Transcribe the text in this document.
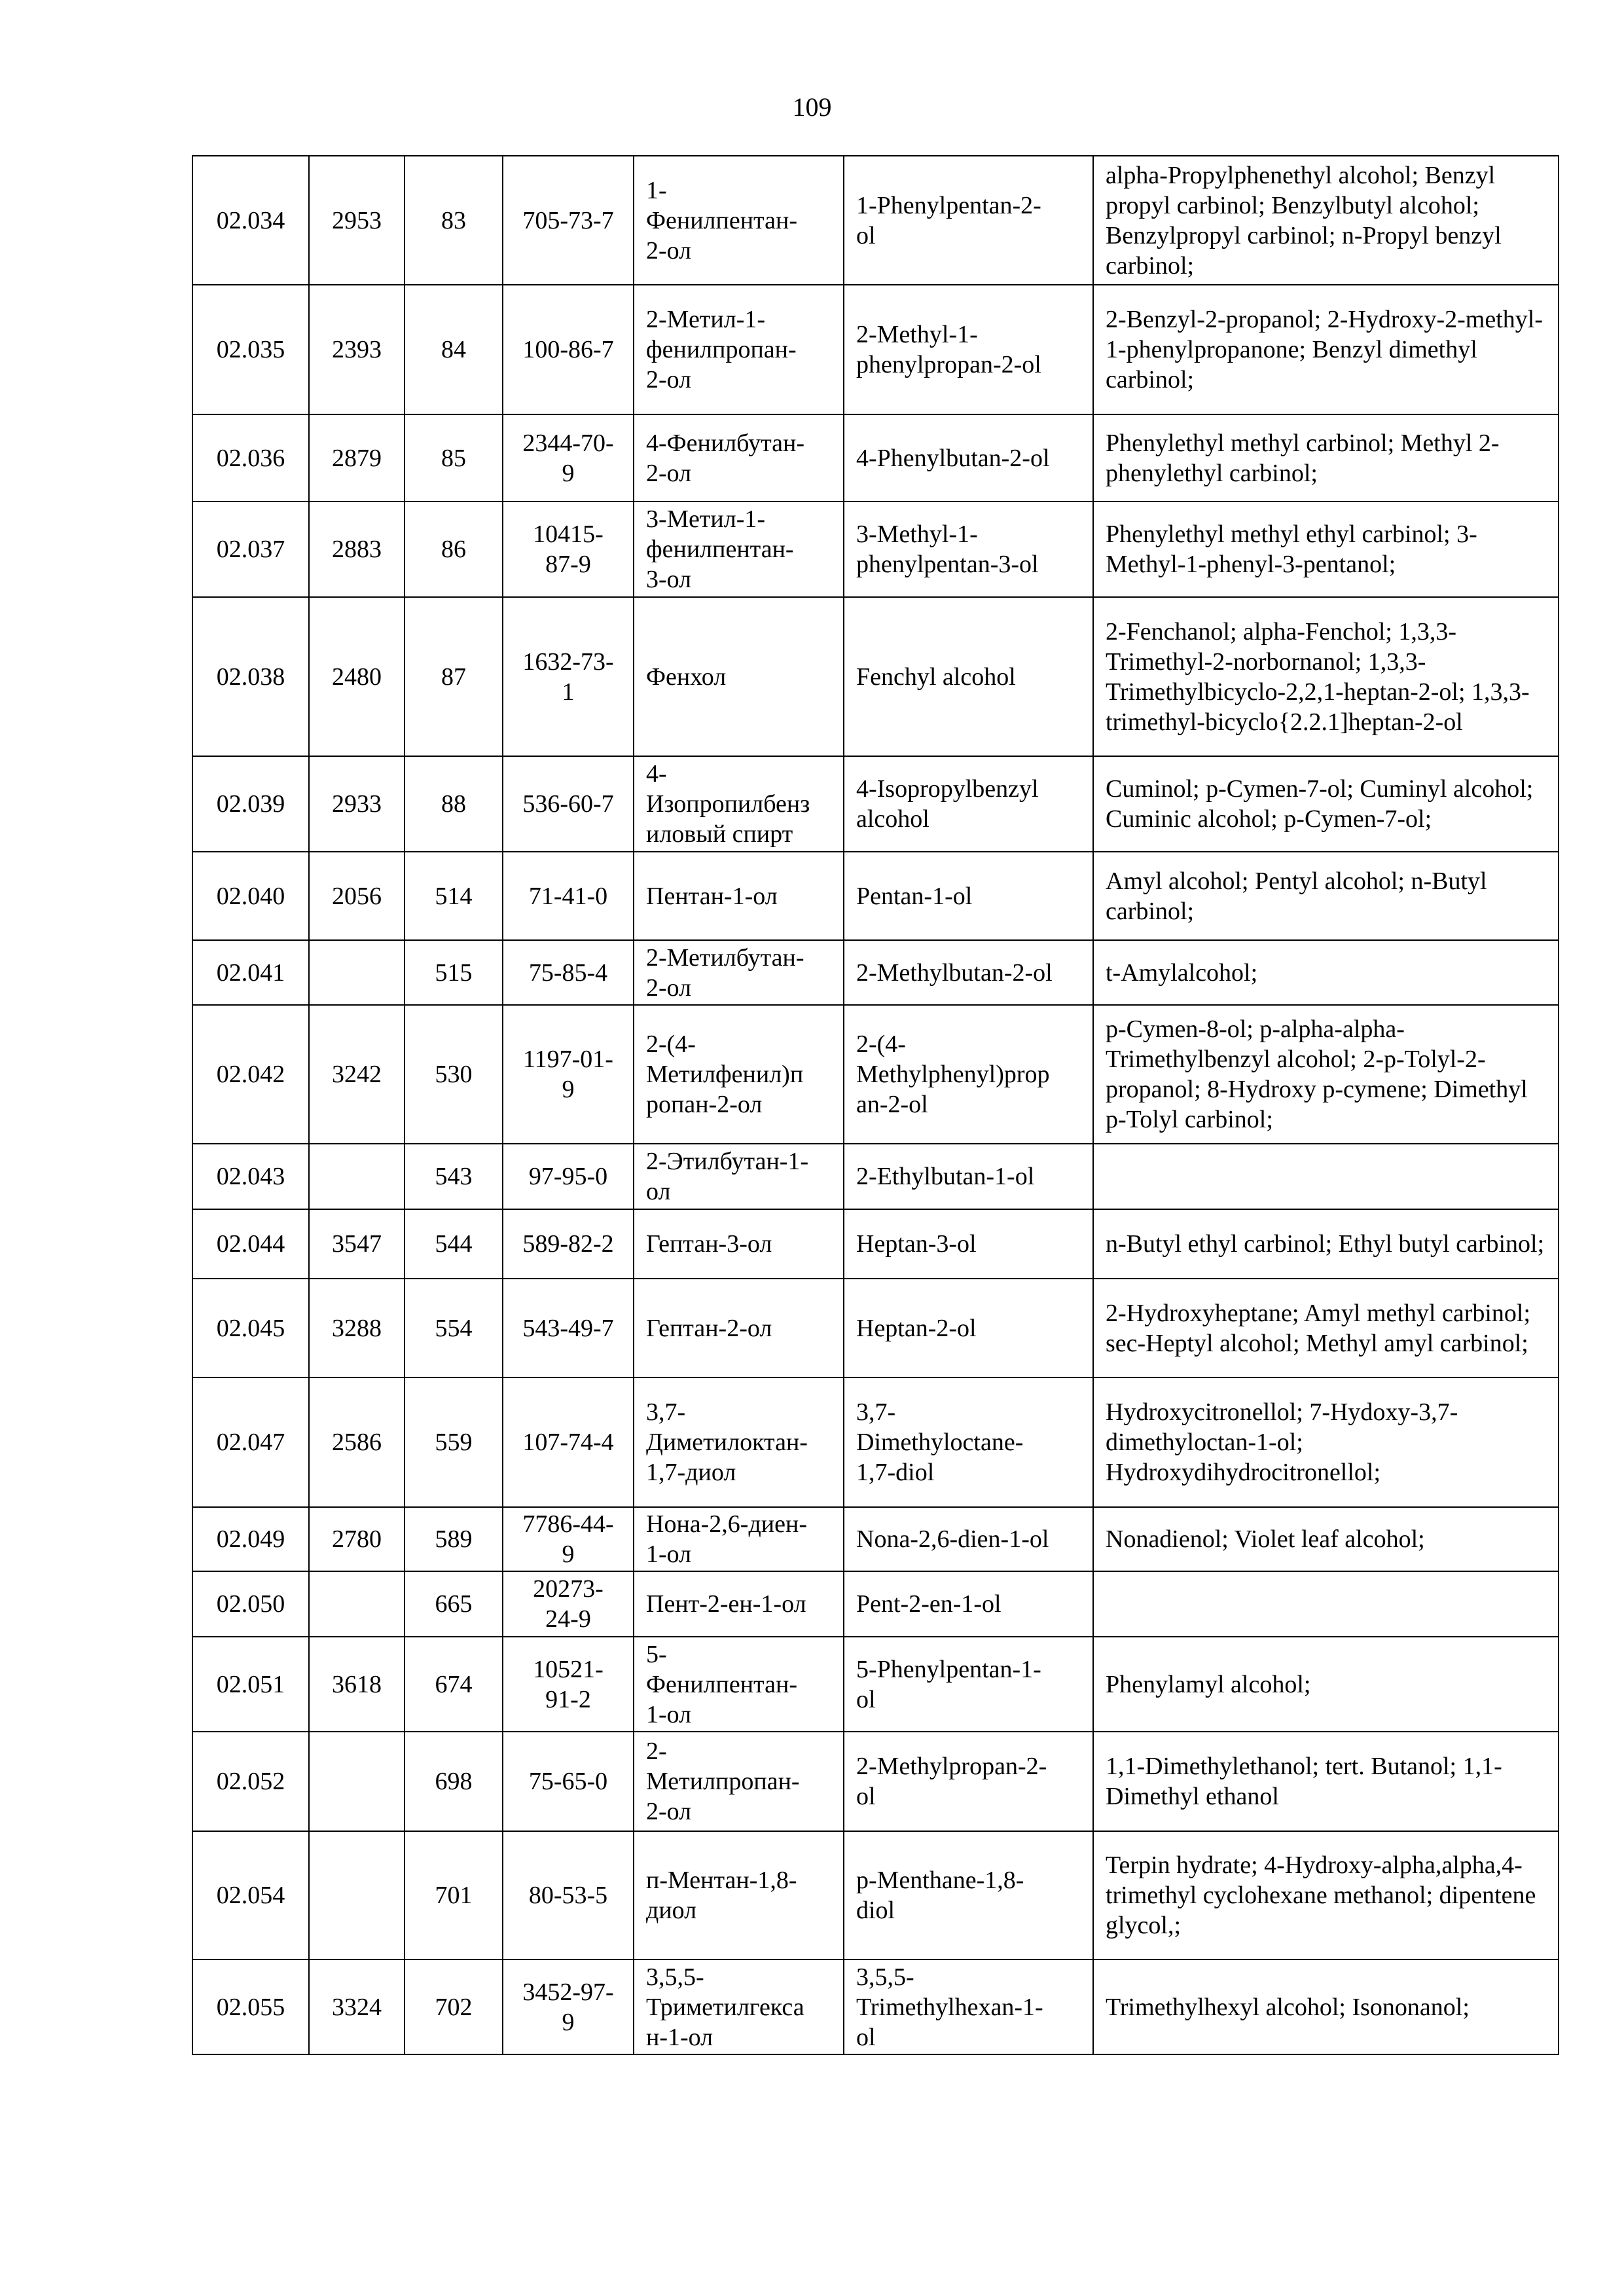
109
02.034	2953	83	705-73-7	1-
Фенилпентан-
2-ол	1-Phenylpentan-2-
ol	alpha-Propylphenethyl alcohol; Benzyl propyl carbinol; Benzylbutyl alcohol; Benzylpropyl carbinol; n-Propyl benzyl carbinol;
02.035	2393	84	100-86-7	2-Метил-1-
фенилпропан-
2-ол	2-Methyl-1-
phenylpropan-2-ol	2-Benzyl-2-propanol; 2-Hydroxy-2-methyl-1-phenylpropanone; Benzyl dimethyl carbinol;
02.036	2879	85	2344-70-
9	4-Фенилбутан-
2-ол	4-Phenylbutan-2-ol	Phenylethyl methyl carbinol; Methyl 2-phenylethyl carbinol;
02.037	2883	86	10415-
87-9	3-Метил-1-
фенилпентан-
3-ол	3-Methyl-1-
phenylpentan-3-ol	Phenylethyl methyl ethyl carbinol; 3-Methyl-1-phenyl-3-pentanol;
02.038	2480	87	1632-73-
1	Фенхол	Fenchyl alcohol	2-Fenchanol; alpha-Fenchol; 1,3,3-Trimethyl-2-norbornanol; 1,3,3-Trimethylbicyclo-2,2,1-heptan-2-ol; 1,3,3-trimethyl-bicyclo{2.2.1]heptan-2-ol
02.039	2933	88	536-60-7	4-
Изопропилбенз
иловый спирт	4-Isopropylbenzyl
alcohol	Cuminol; p-Cymen-7-ol; Cuminyl alcohol; Cuminic alcohol; p-Cymen-7-ol;
02.040	2056	514	71-41-0	Пентан-1-ол	Pentan-1-ol	Amyl alcohol; Pentyl alcohol; n-Butyl carbinol;
02.041		515	75-85-4	2-Метилбутан-
2-ол	2-Methylbutan-2-ol	t-Amylalcohol;
02.042	3242	530	1197-01-
9	2-(4-
Метилфенил)п
ропан-2-ол	2-(4-
Methylphenyl)prop
an-2-ol	p-Cymen-8-ol; p-alpha-alpha-Trimethylbenzyl alcohol; 2-p-Tolyl-2-propanol; 8-Hydroxy p-cymene; Dimethyl p-Tolyl carbinol;
02.043		543	97-95-0	2-Этилбутан-1-
ол	2-Ethylbutan-1-ol	
02.044	3547	544	589-82-2	Гептан-3-ол	Heptan-3-ol	n-Butyl ethyl carbinol; Ethyl butyl carbinol;
02.045	3288	554	543-49-7	Гептан-2-ол	Heptan-2-ol	2-Hydroxyheptane; Amyl methyl carbinol; sec-Heptyl alcohol; Methyl amyl carbinol;
02.047	2586	559	107-74-4	3,7-
Диметилоктан-
1,7-диол	3,7-
Dimethyloctane-
1,7-diol	Hydroxycitronellol; 7-Hydoxy-3,7-dimethyloctan-1-ol; Hydroxydihydrocitronellol;
02.049	2780	589	7786-44-
9	Нона-2,6-диен-
1-ол	Nona-2,6-dien-1-ol	Nonadienol; Violet leaf alcohol;
02.050		665	20273-
24-9	Пент-2-ен-1-ол	Pent-2-en-1-ol	
02.051	3618	674	10521-
91-2	5-
Фенилпентан-
1-ол	5-Phenylpentan-1-
ol	Phenylamyl alcohol;
02.052		698	75-65-0	2-
Метилпропан-
2-ол	2-Methylpropan-2-
ol	1,1-Dimethylethanol; tert. Butanol; 1,1-Dimethyl ethanol
02.054		701	80-53-5	п-Ментан-1,8-
диол	p-Menthane-1,8-
diol	Terpin hydrate; 4-Hydroxy-alpha,alpha,4-trimethyl cyclohexane methanol; dipentene glycol,;
02.055	3324	702	3452-97-
9	3,5,5-
Триметилгекса
н-1-ол	3,5,5-
Trimethylhexan-1-
ol	Trimethylhexyl alcohol; Isononanol;
